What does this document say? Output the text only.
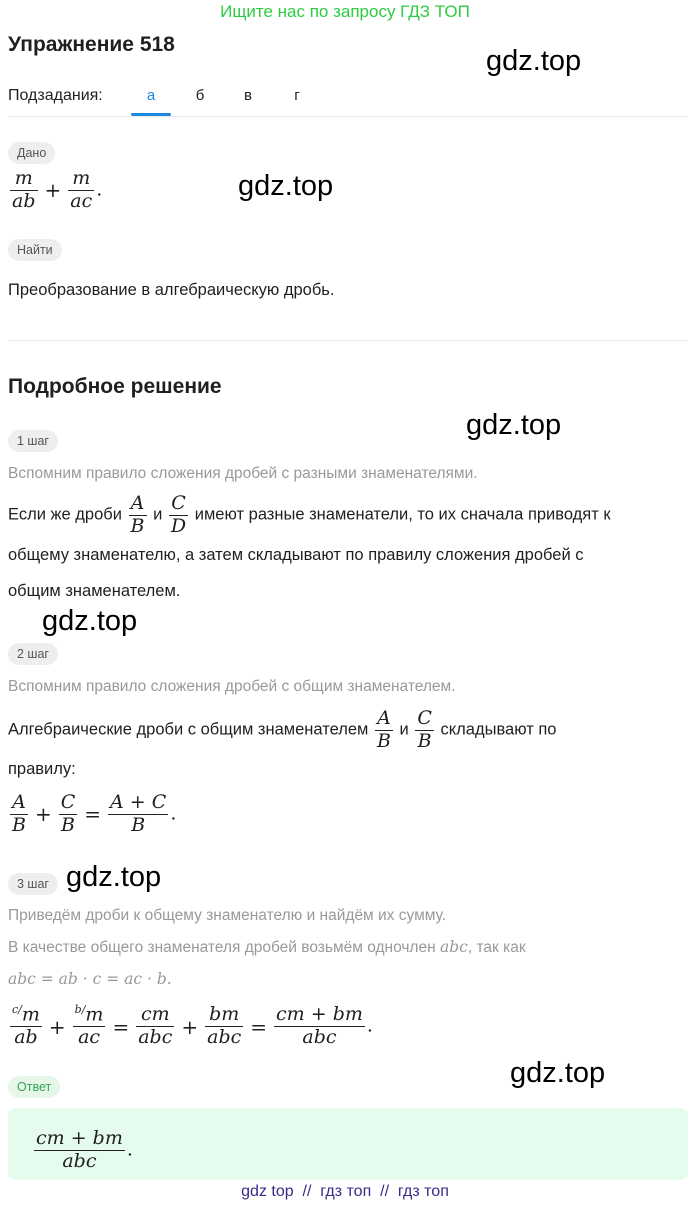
Ищите нас по запросу ГДЗ ТОП
Упражнение 518
gdz.top
Подзадания:	а	б	в	г
Дано
$\frac{m}{ab} + \frac{m}{ac}$ .	gdz.top
Найти
Преобразование в алгебраическую дробь.
Подробное решение
gdz.top
1 шаг
Вспомним правило сложения дробей с разными знаменателями.
Если же дроби $\frac{A}{B}$ и $\frac{C}{D}$ имеют разные знаменатели, то их сначала приводят к
общему знаменателю, а затем складывают по правилу сложения дробей с
общим знаменателем.
gdz.top
2 шаг
Вспомним правило сложения дробей с общим знаменателем.
Алгебраические дроби с общим знаменателем $\frac{A}{B}$ и $\frac{C}{B}$ складывают по
правилу:
$\frac{A}{B} + \frac{C}{B} = \frac{A + C}{B}$ .
3 шаг gdz.top
Приведём дроби к общему знаменателю и найдём их сумму.
В качестве общего знаменателя дробей возьмём одночлен abc, так как
abc = ab · c = ac · b.
$\frac{^{c/}m}{ab} + \frac{^{b/}m}{ac} = \frac{cm}{\text{abc}} + \frac{bm}{\text{abc}} = \frac{cm + bm}{\text{abc}}$ .
Ответ	gdz.top
$\frac{cm + bm}{\text{abc}}$ .
gdz top  //  гдз топ  //  гдз топ
